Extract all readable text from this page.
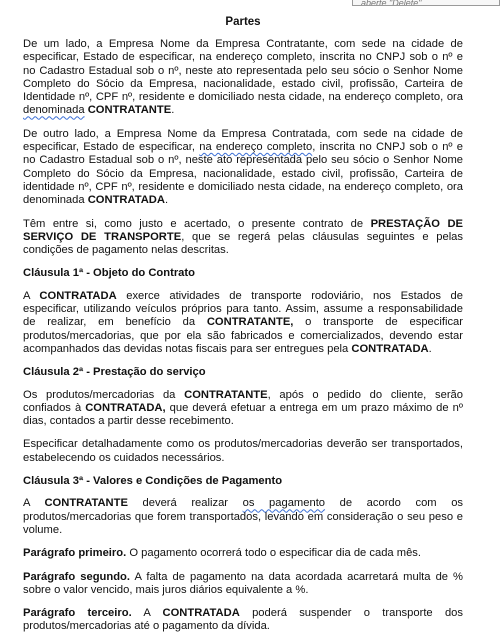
aberte "Delete"
Partes

De um lado, a Empresa Nome da Empresa Contratante, com sede na cidade de especificar, Estado de especificar, na endereço completo, inscrita no CNPJ sob o nº e no Cadastro Estadual sob o nº, neste ato representada pelo seu sócio o Senhor Nome Completo do Sócio da Empresa, nacionalidade, estado civil, profissão, Carteira de Identidade nº, CPF nº, residente e domiciliado nesta cidade, na endereço completo, ora denominada CONTRATANTE.

De outro lado, a Empresa Nome da Empresa Contratada, com sede na cidade de especificar, Estado de especificar, na endereço completo, inscrita no CNPJ sob o nº e no Cadastro Estadual sob o nº, neste ato representada pelo seu sócio o Senhor Nome Completo do Sócio da Empresa, nacionalidade, estado civil, profissão, Carteira de identidade nº, CPF nº, residente e domiciliado nesta cidade, na endereço completo, ora denominada CONTRATADA.

Têm entre si, como justo e acertado, o presente contrato de PRESTAÇÃO DE SERVIÇO DE TRANSPORTE, que se regerá pelas cláusulas seguintes e pelas condições de pagamento nelas descritas.

Cláusula 1ª - Objeto do Contrato

A CONTRATADA exerce atividades de transporte rodoviário, nos Estados de especificar, utilizando veículos próprios para tanto. Assim, assume a responsabilidade de realizar, em benefício da CONTRATANTE, o transporte de especificar produtos/mercadorias, que por ela são fabricados e comercializados, devendo estar acompanhados das devidas notas fiscais para ser entregues pela CONTRATADA.

Cláusula 2ª - Prestação do serviço

Os produtos/mercadorias da CONTRATANTE, após o pedido do cliente, serão confiados à CONTRATADA, que deverá efetuar a entrega em um prazo máximo de nº dias, contados a partir desse recebimento.

Especificar detalhadamente como os produtos/mercadorias deverão ser transportados, estabelecendo os cuidados necessários.

Cláusula 3ª - Valores e Condições de Pagamento

A CONTRATANTE deverá realizar os pagamento de acordo com os produtos/mercadorias que forem transportados, levando em consideração o seu peso e volume.

Parágrafo primeiro. O pagamento ocorrerá todo o especificar dia de cada mês.

Parágrafo segundo. A falta de pagamento na data acordada acarretará multa de % sobre o valor vencido, mais juros diários equivalente a %.

Parágrafo terceiro. A CONTRATADA poderá suspender o transporte dos produtos/mercadorias até o pagamento da dívida.
